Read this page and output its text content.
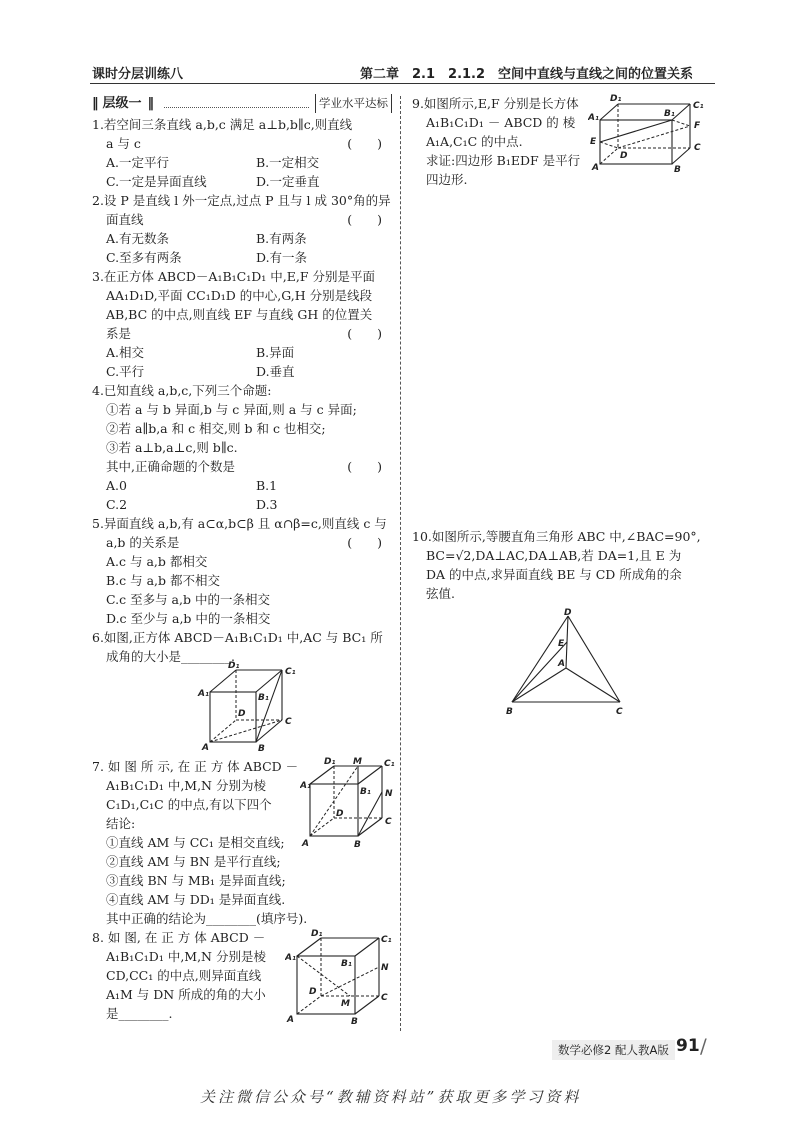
课时分层训练八	第二章　2.1　2.1.2　空间中直线与直线之间的位置关系
‖ 层级一 ‖	学业水平达标

1.若空间三条直线 a,b,c 满足 a⊥b,b∥c,则直线

a 与 c	(　　)

A.一定平行	B.一定相交
C.一定是异面直线	D.一定垂直

2.设 P 是直线 l 外一定点,过点 P 且与 l 成 30°角的异

面直线	(　　)

A.有无数条	B.有两条
C.至多有两条	D.有一条

3.在正方体 ABCD－A₁B₁C₁D₁ 中,E,F 分别是平面

AA₁D₁D,平面 CC₁D₁D 的中心,G,H 分别是线段

AB,BC 的中点,则直线 EF 与直线 GH 的位置关

系是	(　　)

A.相交	B.异面
C.平行	D.垂直

4.已知直线 a,b,c,下列三个命题:

①若 a 与 b 异面,b 与 c 异面,则 a 与 c 异面;

②若 a∥b,a 和 c 相交,则 b 和 c 也相交;

③若 a⊥b,a⊥c,则 b∥c.

其中,正确命题的个数是	(　　)

A.0	B.1
C.2	D.3

5.异面直线 a,b,有 a⊂α,b⊂β 且 α∩β=c,则直线 c 与

a,b 的关系是	(　　)

A.c 与 a,b 都相交

B.c 与 a,b 都不相交

C.c 至多与 a,b 中的一条相交

D.c 至少与 a,b 中的一条相交

6.如图,正方体 ABCD－A₁B₁C₁D₁ 中,AC 与 BC₁ 所

成角的大小是________.

D₁
C₁
A₁	B₁
D
C
A	B

7. 如 图 所 示, 在 正 方 体 ABCD －

A₁B₁C₁D₁ 中,M,N 分别为棱

C₁D₁,C₁C 的中点,有以下四个

结论:

①直线 AM 与 CC₁ 是相交直线;

②直线 AM 与 BN 是平行直线;

③直线 BN 与 MB₁ 是异面直线;

④直线 AM 与 DD₁ 是异面直线.

其中正确的结论为________(填序号).

D₁ M C₁
A₁
B₁ N
D
C
A	B

8. 如 图, 在 正 方 体 ABCD －

A₁B₁C₁D₁ 中,M,N 分别是棱

CD,CC₁ 的中点,则异面直线

A₁M 与 DN 所成的角的大小

是________.

D₁
C₁
A₁
B₁	N
D
M
C
A	B

9.如图所示,E,F 分别是长方体

A₁B₁C₁D₁ － ABCD 的 棱

A₁A,C₁C 的中点.

求证:四边形 B₁EDF 是平行

四边形.

D₁
C₁
A₁	B₁
F
E
D
C
A	B

10.如图所示,等腰直角三角形 ABC 中,∠BAC=90°,

BC=√2,DA⊥AC,DA⊥AB,若 DA=1,且 E 为

DA 的中点,求异面直线 BE 与 CD 所成角的余

弦值.

D
E
A
B	C
数学必修2 配人教A版 91 /
关注微信公众号“教辅资料站”获取更多学习资料
